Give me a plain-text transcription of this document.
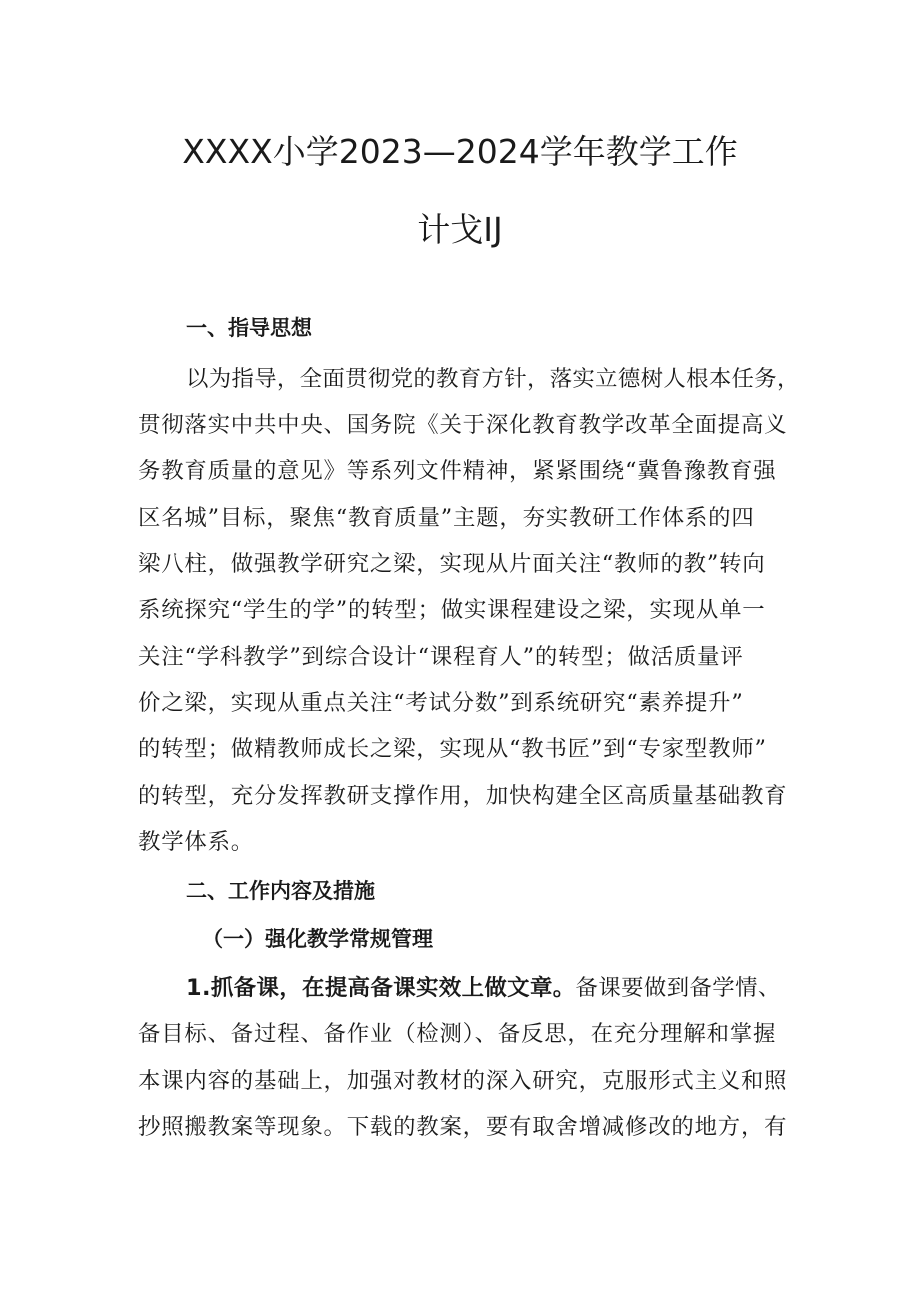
XXXX小学2023—2024学年教学工作
计戈IJ
一、指导思想
以为指导，全面贯彻党的教育方针，落实立德树人根本任务，
贯彻落实中共中央、国务院《关于深化教育教学改革全面提高义
务教育质量的意见》等系列文件精神，紧紧围绕“冀鲁豫教育强
区名城”目标，聚焦“教育质量”主题，夯实教研工作体系的四
梁八柱，做强教学研究之梁，实现从片面关注“教师的教”转向
系统探究“学生的学”的转型；做实课程建设之梁，实现从单一
关注“学科教学”到综合设计“课程育人”的转型；做活质量评
价之梁，实现从重点关注“考试分数”到系统研究“素养提升”
的转型；做精教师成长之梁，实现从“教书匠”到“专家型教师”
的转型，充分发挥教研支撑作用，加快构建全区高质量基础教育
教学体系。
二、工作内容及措施
（一）强化教学常规管理
1.抓备课，在提高备课实效上做文章。备课要做到备学情、
备目标、备过程、备作业（检测）、备反思，在充分理解和掌握
本课内容的基础上，加强对教材的深入研究，克服形式主义和照
抄照搬教案等现象。下载的教案，要有取舍增减修改的地方，有
